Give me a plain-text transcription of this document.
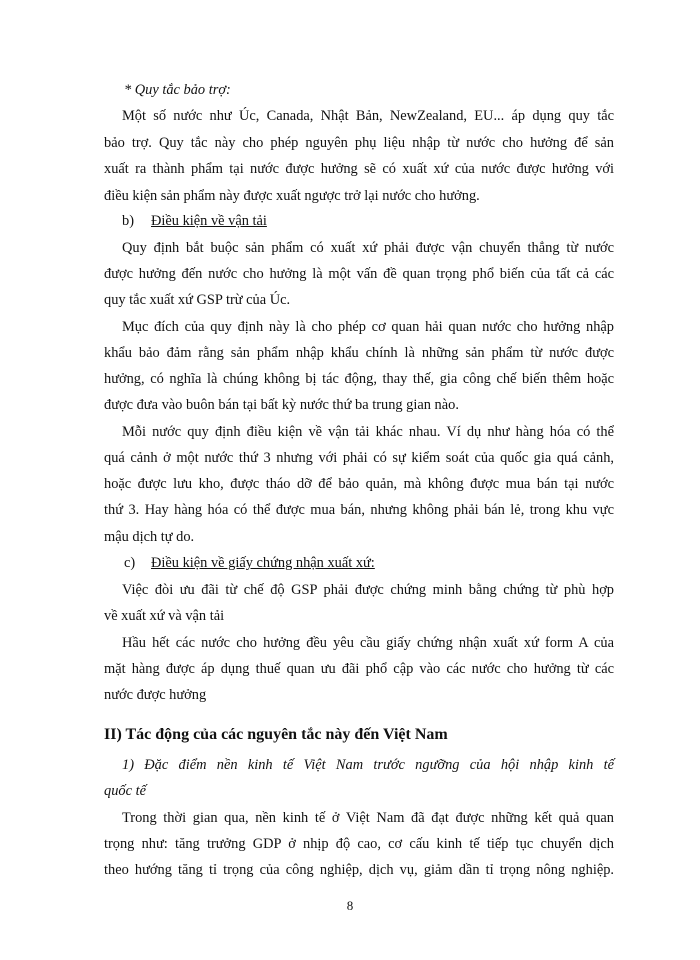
* Quy tắc bảo trợ:
Một số nước như Úc, Canada, Nhật Bản, NewZealand, EU... áp dụng quy tắc
bảo trợ. Quy tắc này cho phép nguyên phụ liệu nhập từ nước cho hưởng để sản
xuất ra thành phẩm tại nước được hưởng sẽ có xuất xứ của nước được hưởng với
điều kiện sản phẩm này được xuất ngược trở lại nước cho hưởng.
b)	Điều kiện về vận tải
Quy định bắt buộc sản phẩm có xuất xứ phải được vận chuyển thẳng từ nước
được hưởng đến nước cho hưởng là một vấn đề quan trọng phổ biến của tất cả các
quy tắc xuất xứ GSP trừ của Úc.
Mục đích của quy định này là cho phép cơ quan hải quan nước cho hưởng nhập
khẩu bảo đảm rằng sản phẩm nhập khẩu chính là những sản phẩm từ nước được
hưởng, có nghĩa là chúng không bị tác động, thay thế, gia công chế biến thêm hoặc
được đưa vào buôn bán tại bất kỳ nước thứ ba trung gian nào.
Mỗi nước quy định điều kiện về vận tải khác nhau. Ví dụ như hàng hóa có thể
quá cảnh ở một nước thứ 3 nhưng với phải có sự kiểm soát của quốc gia quá cảnh,
hoặc được lưu kho, được tháo dỡ để bảo quản, mà không được mua bán tại nước
thứ 3. Hay hàng hóa có thể được mua bán, nhưng không phải bán lẻ, trong khu vực
mậu dịch tự do.
c)	Điều kiện về giấy chứng nhận xuất xứ:
Việc đòi ưu đãi từ chế độ GSP phải được chứng minh bằng chứng từ phù hợp
về xuất xứ và vận tải
Hầu hết các nước cho hưởng đều yêu cầu giấy chứng nhận xuất xứ form A của
mặt hàng được áp dụng thuế quan ưu đãi phổ cập vào các nước cho hưởng từ các
nước được hưởng
II) Tác động của các nguyên tắc này đến Việt Nam
1) Đặc điểm nền kinh tế Việt Nam trước ngưỡng của hội nhập kinh tế
quốc tế
Trong thời gian qua, nền kinh tế ở Việt Nam đã đạt được những kết quả quan
trọng như: tăng trưởng GDP ở nhịp độ cao, cơ cấu kinh tế tiếp tục chuyển dịch
theo hướng tăng tỉ trọng của công nghiệp, dịch vụ, giảm dần tỉ trọng nông nghiệp.
8
